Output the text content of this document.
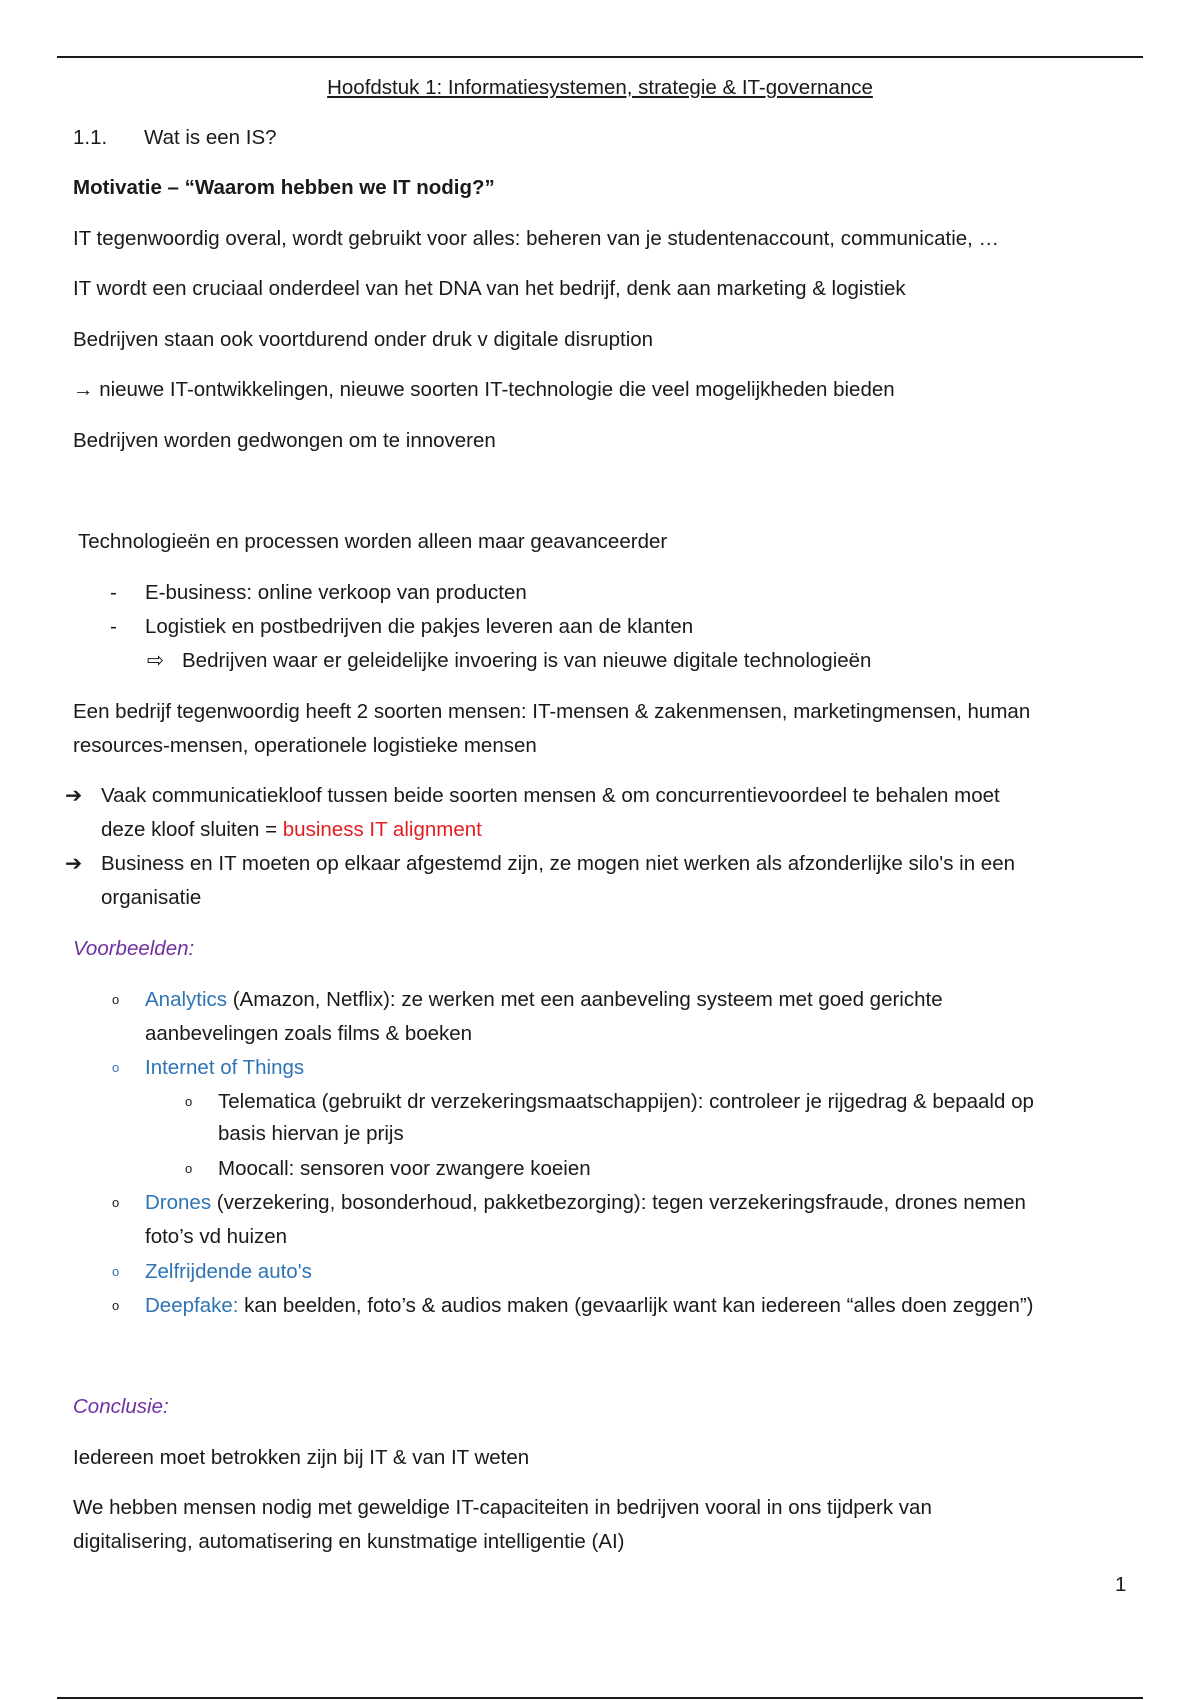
Hoofdstuk 1: Informatiesystemen, strategie & IT-governance
1.1. Wat is een IS?
Motivatie – “Waarom hebben we IT nodig?”
IT tegenwoordig overal, wordt gebruikt voor alles: beheren van je studentenaccount, communicatie, …
IT wordt een cruciaal onderdeel van het DNA van het bedrijf, denk aan marketing & logistiek
Bedrijven staan ook voortdurend onder druk v digitale disruption
→ nieuwe IT-ontwikkelingen, nieuwe soorten IT-technologie die veel mogelijkheden bieden
Bedrijven worden gedwongen om te innoveren
Technologieën en processen worden alleen maar geavanceerder
- E-business: online verkoop van producten
- Logistiek en postbedrijven die pakjes leveren aan de klanten
⇨ Bedrijven waar er geleidelijke invoering is van nieuwe digitale technologieën
Een bedrijf tegenwoordig heeft 2 soorten mensen: IT-mensen & zakenmensen, marketingmensen, human
resources-mensen, operationele logistieke mensen
➔ Vaak communicatiekloof tussen beide soorten mensen & om concurrentievoordeel te behalen moet
deze kloof sluiten = business IT alignment
➔ Business en IT moeten op elkaar afgestemd zijn, ze mogen niet werken als afzonderlijke silo's in een
organisatie
Voorbeelden:
o Analytics (Amazon, Netflix): ze werken met een aanbeveling systeem met goed gerichte
aanbevelingen zoals films & boeken
o Internet of Things
o Telematica (gebruikt dr verzekeringsmaatschappijen): controleer je rijgedrag & bepaald op
basis hiervan je prijs
o Moocall: sensoren voor zwangere koeien
o Drones (verzekering, bosonderhoud, pakketbezorging): tegen verzekeringsfraude, drones nemen
foto’s vd huizen
o Zelfrijdende auto's
o Deepfake: kan beelden, foto’s & audios maken (gevaarlijk want kan iedereen “alles doen zeggen”)
Conclusie:
Iedereen moet betrokken zijn bij IT & van IT weten
We hebben mensen nodig met geweldige IT-capaciteiten in bedrijven vooral in ons tijdperk van
digitalisering, automatisering en kunstmatige intelligentie (AI)
1
